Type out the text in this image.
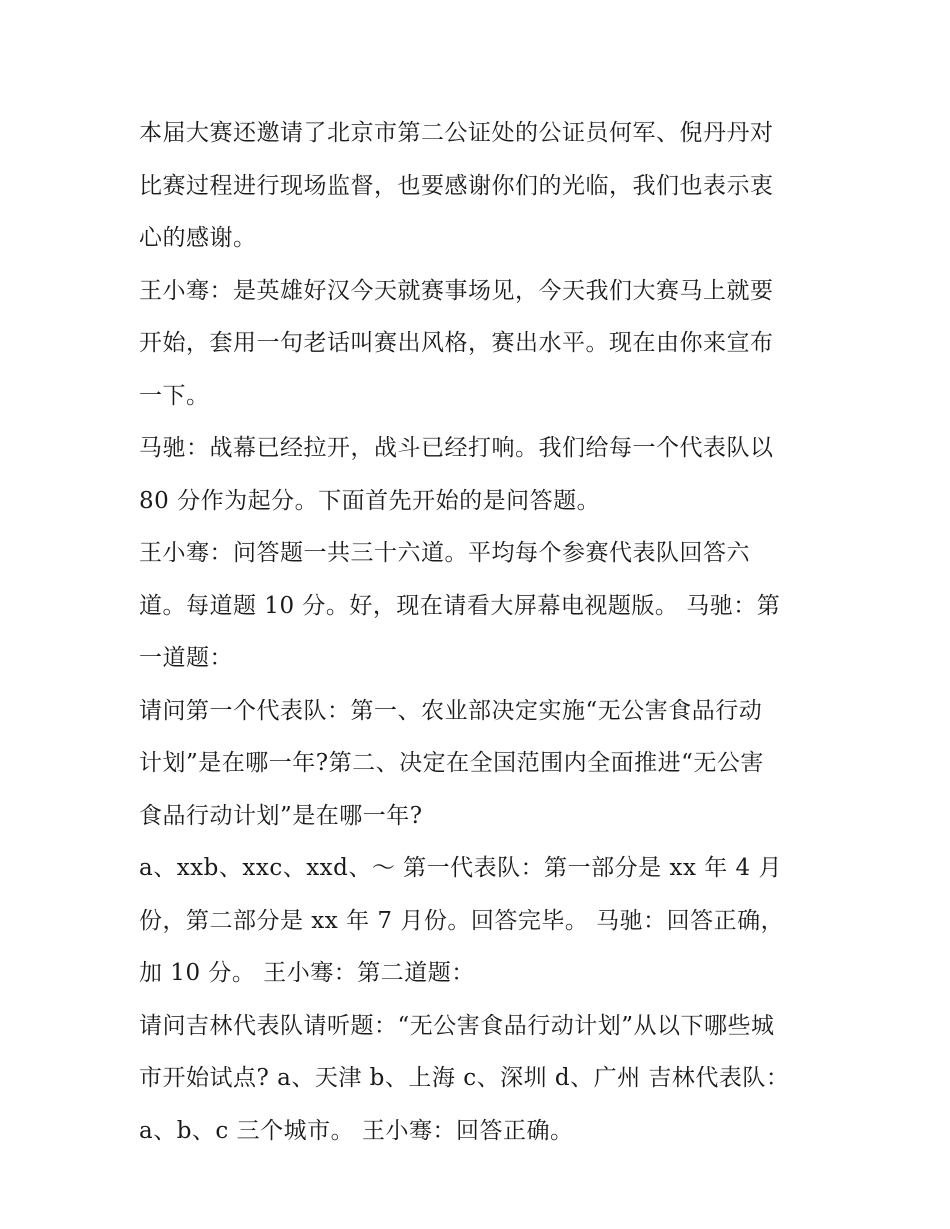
本届大赛还邀请了北京市第二公证处的公证员何军、倪丹丹对
比赛过程进行现场监督，也要感谢你们的光临，我们也表示衷
心的感谢。
王小骞：是英雄好汉今天就赛事场见，今天我们大赛马上就要
开始，套用一句老话叫赛出风格，赛出水平。现在由你来宣布
一下。
马驰：战幕已经拉开，战斗已经打响。我们给每一个代表队以
80 分作为起分。下面首先开始的是问答题。
王小骞：问答题一共三十六道。平均每个参赛代表队回答六
道。每道题 10 分。好，现在请看大屏幕电视题版。 马驰：第
一道题：
请问第一个代表队：第一、农业部决定实施“无公害食品行动
计划”是在哪一年?第二、决定在全国范围内全面推进“无公害
食品行动计划”是在哪一年?
a、xxb、xxc、xxd、～ 第一代表队：第一部分是 xx 年 4 月
份，第二部分是 xx 年 7 月份。回答完毕。 马驰：回答正确，
加 10 分。 王小骞：第二道题：
请问吉林代表队请听题：“无公害食品行动计划”从以下哪些城
市开始试点? a、天津 b、上海 c、深圳 d、广州 吉林代表队：
a、b、c 三个城市。 王小骞：回答正确。
